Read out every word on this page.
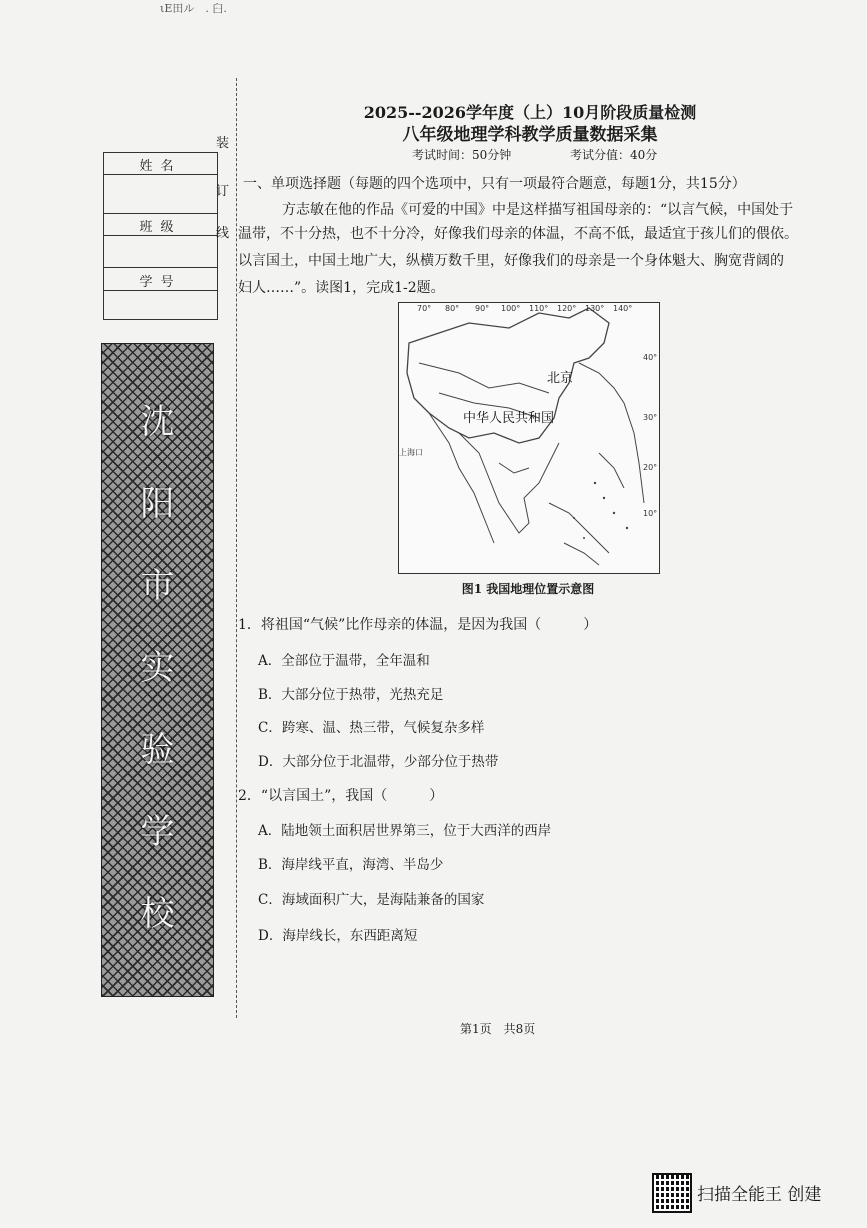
ιΕ田ル　. 臼.
2025--2026学年度（上）10月阶段质量检测
八年级地理学科教学质量数据采集
考试时间：50分钟	考试分值：40分
姓名
班级
学号
装
订
线
沈
阳
市
实
验
学
校
一、单项选择题（每题的四个选项中，只有一项最符合题意，每题1分，共15分）
方志敏在他的作品《可爱的中国》中是这样描写祖国母亲的：“以言气候，中国处于
温带，不十分热，也不十分冷，好像我们母亲的体温，不高不低，最适宜于孩儿们的偎依。
以言国土，中国土地广大，纵横万数千里，好像我们的母亲是一个身体魁大、胸宽背阔的
妇人……”。读图1，完成1-2题。
70° 80° 90° 100° 110° 120° 130° 140°
40°
30°
20°
10°
北京
中华人民共和国
上海口
图1 我国地理位置示意图
1．将祖国“气候”比作母亲的体温，是因为我国（　　　）
A．全部位于温带，全年温和
B．大部分位于热带，光热充足
C．跨寒、温、热三带，气候复杂多样
D．大部分位于北温带，少部分位于热带
2．“以言国土”，我国（　　　）
A．陆地领土面积居世界第三，位于大西洋的西岸
B．海岸线平直，海湾、半岛少
C．海域面积广大，是海陆兼备的国家
D．海岸线长，东西距离短
第1页　共8页
扫描全能王 创建
